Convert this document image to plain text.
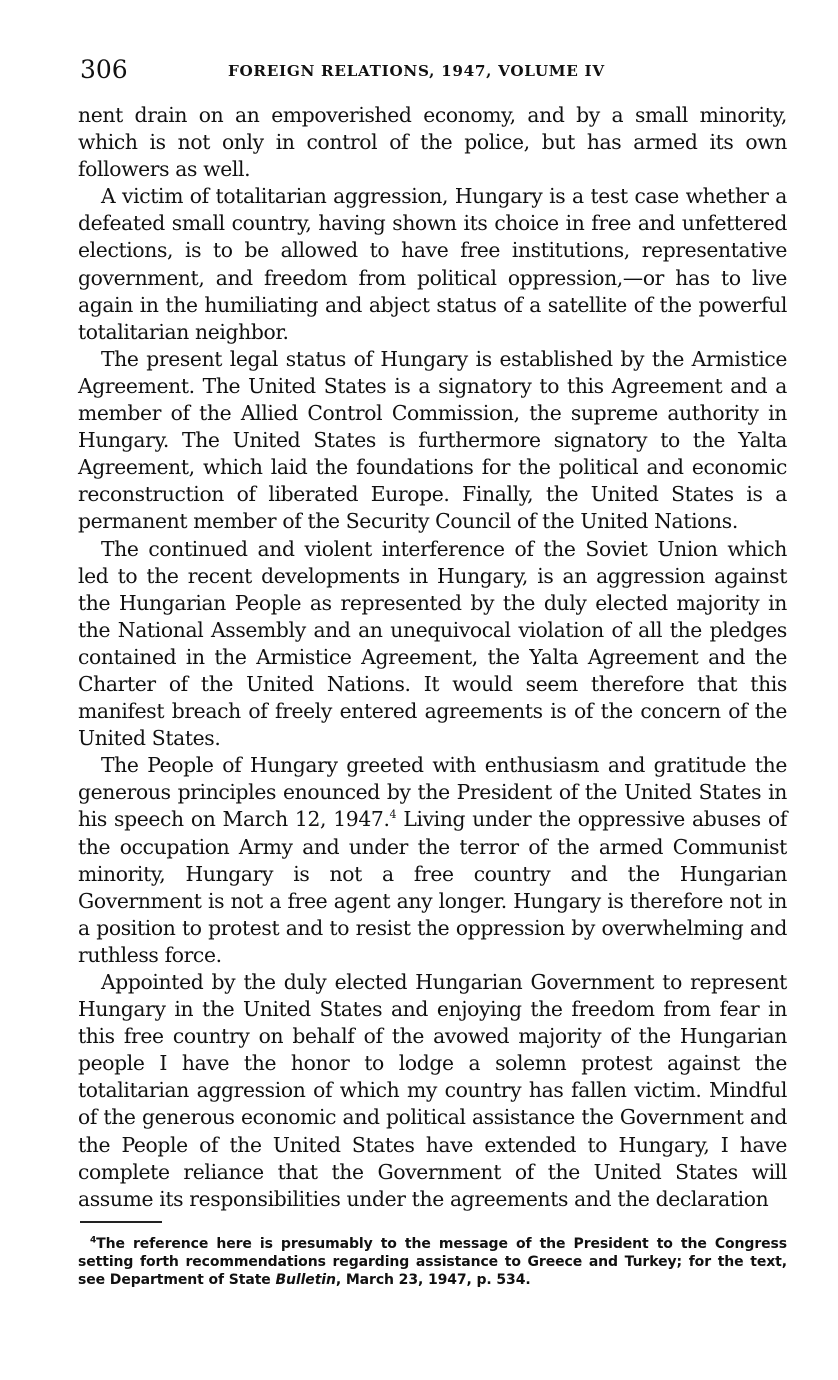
306	FOREIGN RELATIONS, 1947, VOLUME IV

nent drain on an empoverished economy, and by a small minority, which is not only in control of the police, but has armed its own followers as well.

A victim of totalitarian aggression, Hungary is a test case whether a defeated small country, having shown its choice in free and unfettered elections, is to be allowed to have free institutions, representative government, and freedom from political oppression,—or has to live again in the humiliating and abject status of a satellite of the powerful totalitarian neighbor.

The present legal status of Hungary is established by the Armistice Agreement. The United States is a signatory to this Agreement and a member of the Allied Control Commission, the supreme authority in Hungary. The United States is furthermore signatory to the Yalta Agreement, which laid the foundations for the political and economic reconstruction of liberated Europe. Finally, the United States is a permanent member of the Security Council of the United Nations.

The continued and violent interference of the Soviet Union which led to the recent developments in Hungary, is an aggression against the Hungarian People as represented by the duly elected majority in the National Assembly and an unequivocal violation of all the pledges contained in the Armistice Agreement, the Yalta Agreement and the Charter of the United Nations. It would seem therefore that this manifest breach of freely entered agreements is of the concern of the United States.

The People of Hungary greeted with enthusiasm and gratitude the generous principles enounced by the President of the United States in his speech on March 12, 1947.$^4$ Living under the oppressive abuses of the occupation Army and under the terror of the armed Communist minority, Hungary is not a free country and the Hungarian Government is not a free agent any longer. Hungary is therefore not in a position to protest and to resist the oppression by overwhelming and ruthless force.

Appointed by the duly elected Hungarian Government to represent Hungary in the United States and enjoying the freedom from fear in this free country on behalf of the avowed majority of the Hungarian people I have the honor to lodge a solemn protest against the totalitarian aggression of which my country has fallen victim. Mindful of the generous economic and political assistance the Government and the People of the United States have extended to Hungary, I have complete reliance that the Government of the United States will assume its responsibilities under the agreements and the declaration

$^4$The reference here is presumably to the message of the President to the Congress setting forth recommendations regarding assistance to Greece and Turkey; for the text, see Department of State Bulletin, March 23, 1947, p. 534.
